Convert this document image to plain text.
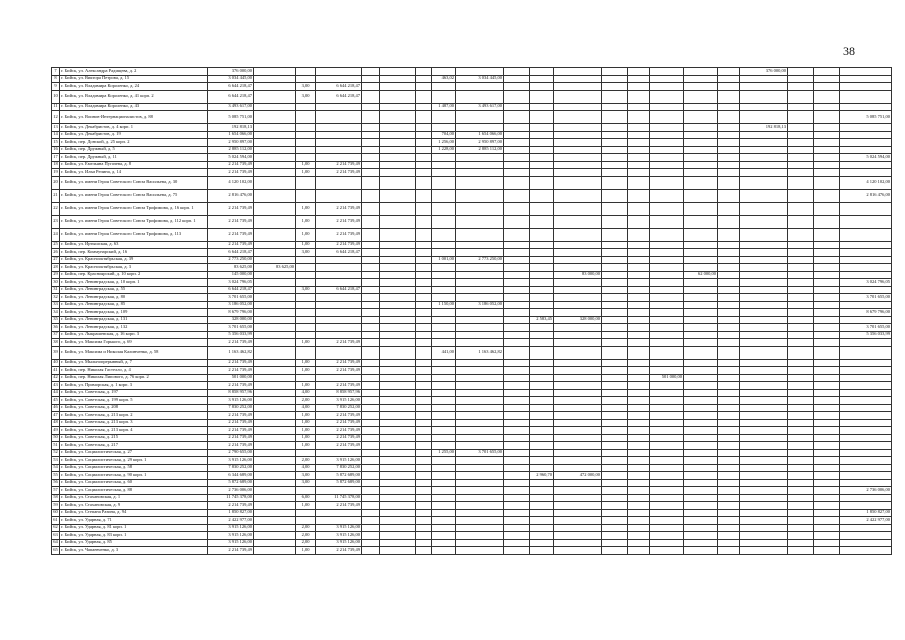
38
7	г. Бийск, ул. Александра Радищева, д. 2	376 000,00																	376 000,00			
8	г. Бийск, ул. Виктора Петрова, д. 15	3 034 445,00							463,02	3 034 445,00												
9	г. Бийск, ул. Владимира Короленко, д. 24	6 644 218,47		3,00	6 644 218,47																	
10	г. Бийск, ул. Владимира Короленко, д. 41 корп. 2	6 644 218,47		3,00	6 644 218,47																	
11	г. Бийск, ул. Владимира Короленко, д. 43	3 493 617,00							1 487,00	3 493 617,00												
12	г. Бийск, ул. Воинов-Интернационалистов, д. 88	5 085 751,00																				5 085 751,00
13	г. Бийск, ул. Декабристов, д. 4 корп. 1	192 818,13																	192 818,13			
14	г. Бийск, ул. Декабристов, д. 19	1 654 066,00							704,00	1 654 066,00												
15	г. Бийск, пер. Донской, д. 25 корп. 2	2 950 897,00							1 256,00	2 950 897,00												
16	г. Бийск, пер. Дружный, д. 5	2 885 112,00							1 228,00	2 885 112,00												
17	г. Бийск, пер. Дружный, д. 11	5 024 594,00																				5 024 594,00
18	г. Бийск, ул. Емельяна Пугачева, д. 8	2 214 739,49		1,00	2 214 739,49																	
19	г. Бийск, ул. Ильи Репина, д. 14	2 214 739,49		1,00	2 214 739,49																	
20	г. Бийск, ул. имени Героя Советского Союза Васильева, д. 30	4 120 102,00																				4 120 102,00
21	г. Бийск, ул. имени Героя Советского Союза Васильева, д. 75	2 816 476,00																				2 816 476,00
22	г. Бийск, ул. имени Героя Советского Союза Трофимова, д. 16 корп. 1	2 214 739,49		1,00	2 214 739,49																	
23	г. Бийск, ул. имени Героя Советского Союза Трофимова, д. 112 корп. 1	2 214 739,49		1,00	2 214 739,49																	
24	г. Бийск, ул. имени Героя Советского Союза Трофимова, д. 113	2 214 739,49		1,00	2 214 739,49																	
25	г. Бийск, ул. Иртышская, д. 63	2 214 739,49		1,00	2 214 739,49																	
26	г. Бийск, пер. Коммунарский, д. 16	6 644 218,47		3,00	6 644 218,47																	
27	г. Бийск, ул. Краснооктябрьская, д. 39	2 773 250,00							1 001,00	2 773 250,00												
28	г. Бийск, ул. Краснооктябрьская, д. 3	83 625,00	83 625,00																			
29	г. Бийск, пер. Красноярский, д. 10 корп. 2	145 000,00											83 000,00				62 000,00					
30	г. Бийск, ул. Ленинградская, д. 10 корп. 1	3 024 796,05																				3 024 796,05
31	г. Бийск, ул. Ленинградская, д. 55	6 644 218,47		3,00	6 644 218,47																	
32	г. Бийск, ул. Ленинградская, д. 80	3 701 655,00																				3 701 655,00
33	г. Бийск, ул. Ленинградская, д. 85	3 186 052,00							1 150,00	3 186 052,00												
34	г. Бийск, ул. Ленинградская, д. 109	8 679 796,00																				8 679 796,00
35	г. Бийск, ул. Ленинградская, д. 131	328 000,00										2 583,45	328 000,00									
36	г. Бийск, ул. Ленинградская, д. 132	3 701 655,00																				3 701 655,00
37	г. Бийск, ул. Лыкрашевская, д. 16 корп. 3	5 356 033,99																				5 356 033,99
38	г. Бийск, ул. Максима Горького, д. 69	2 214 739,49		1,00	2 214 739,49																	
39	г. Бийск, ул. Максима и Николая Калинченко, д. 58	1 163 462,82							441,00	1 163 462,82												
40	г. Бийск, ул. Мыльнопрерывный, д. 7	2 214 739,49		1,00	2 214 739,49																	
41	г. Бийск, пер. Николая Гастелло, д. 4	2 214 739,49		1,00	2 214 739,49																	
42	г. Бийск, пер. Николая Липового, д. 76 корп. 2	501 000,00														501 000,00						
43	г. Бийск, ул. Приморская, д. 1 корп. 3	2 214 739,49		1,00	2 214 739,49																	
44	г. Бийск, ул. Советская, д. 197	8 858 957,96		4,00	8 858 957,96																	
45	г. Бийск, ул. Советская, д. 199 корп. 5	3 915 126,00		2,00	3 915 126,00																	
46	г. Бийск, ул. Советская, д. 208	7 830 252,00		4,00	7 830 252,00																	
47	г. Бийск, ул. Советская, д. 213 корп. 2	2 214 739,49		1,00	2 214 739,49																	
48	г. Бийск, ул. Советская, д. 213 корп. 3	2 214 739,49		1,00	2 214 739,49																	
49	г. Бийск, ул. Советская, д. 213 корп. 4	2 214 739,49		1,00	2 214 739,49																	
50	г. Бийск, ул. Советская, д. 215	2 214 739,49		1,00	2 214 739,49																	
51	г. Бийск, ул. Советская, д. 217	2 214 739,49		1,00	2 214 739,49																	
52	г. Бийск, ул. Социалистическая, д. 27	2 790 655,00							1 255,00	3 701 655,00												
53	г. Бийск, ул. Социалистическая, д. 29 корп. 1	3 915 126,00		2,00	3 915 126,00																	
54	г. Бийск, ул. Социалистическая, д. 58	7 830 252,00		4,00	7 830 252,00																	
55	г. Бийск, ул. Социалистическая, д. 90 корп. 1	6 344 689,00		3,00	5 872 689,00							2 960,70	472 000,00									
56	г. Бийск, ул. Социалистическая, д. 60	5 872 689,00		3,00	5 872 689,00																	
57	г. Бийск, ул. Социалистическая, д. 88	2 736 006,00																				2 736 006,00
58	г. Бийск, ул. Стахановская, д. 1	11 745 378,00		6,00	11 745 378,00																	
59	г. Бийск, ул. Стахановская, д. 9	2 214 739,49		1,00	2 214 739,49																	
60	г. Бийск, ул. Степана Разина, д. 94	1 850 827,00																				1 850 827,00
61	г. Бийск, ул. Ударная, д. 71	2 422 977,00																				2 422 977,00
62	г. Бийск, ул. Ударная, д. 81 корп. 1	3 915 126,00		2,00	3 915 126,00																	
63	г. Бийск, ул. Ударная, д. 83 корп. 1	3 915 126,00		2,00	3 915 126,00																	
64	г. Бийск, ул. Ударная, д. 85	3 915 126,00		2,00	3 915 126,00																	
65	г. Бийск, ул. Чапаевченко, д. 3	2 214 739,49		1,00	2 214 739,49																	
